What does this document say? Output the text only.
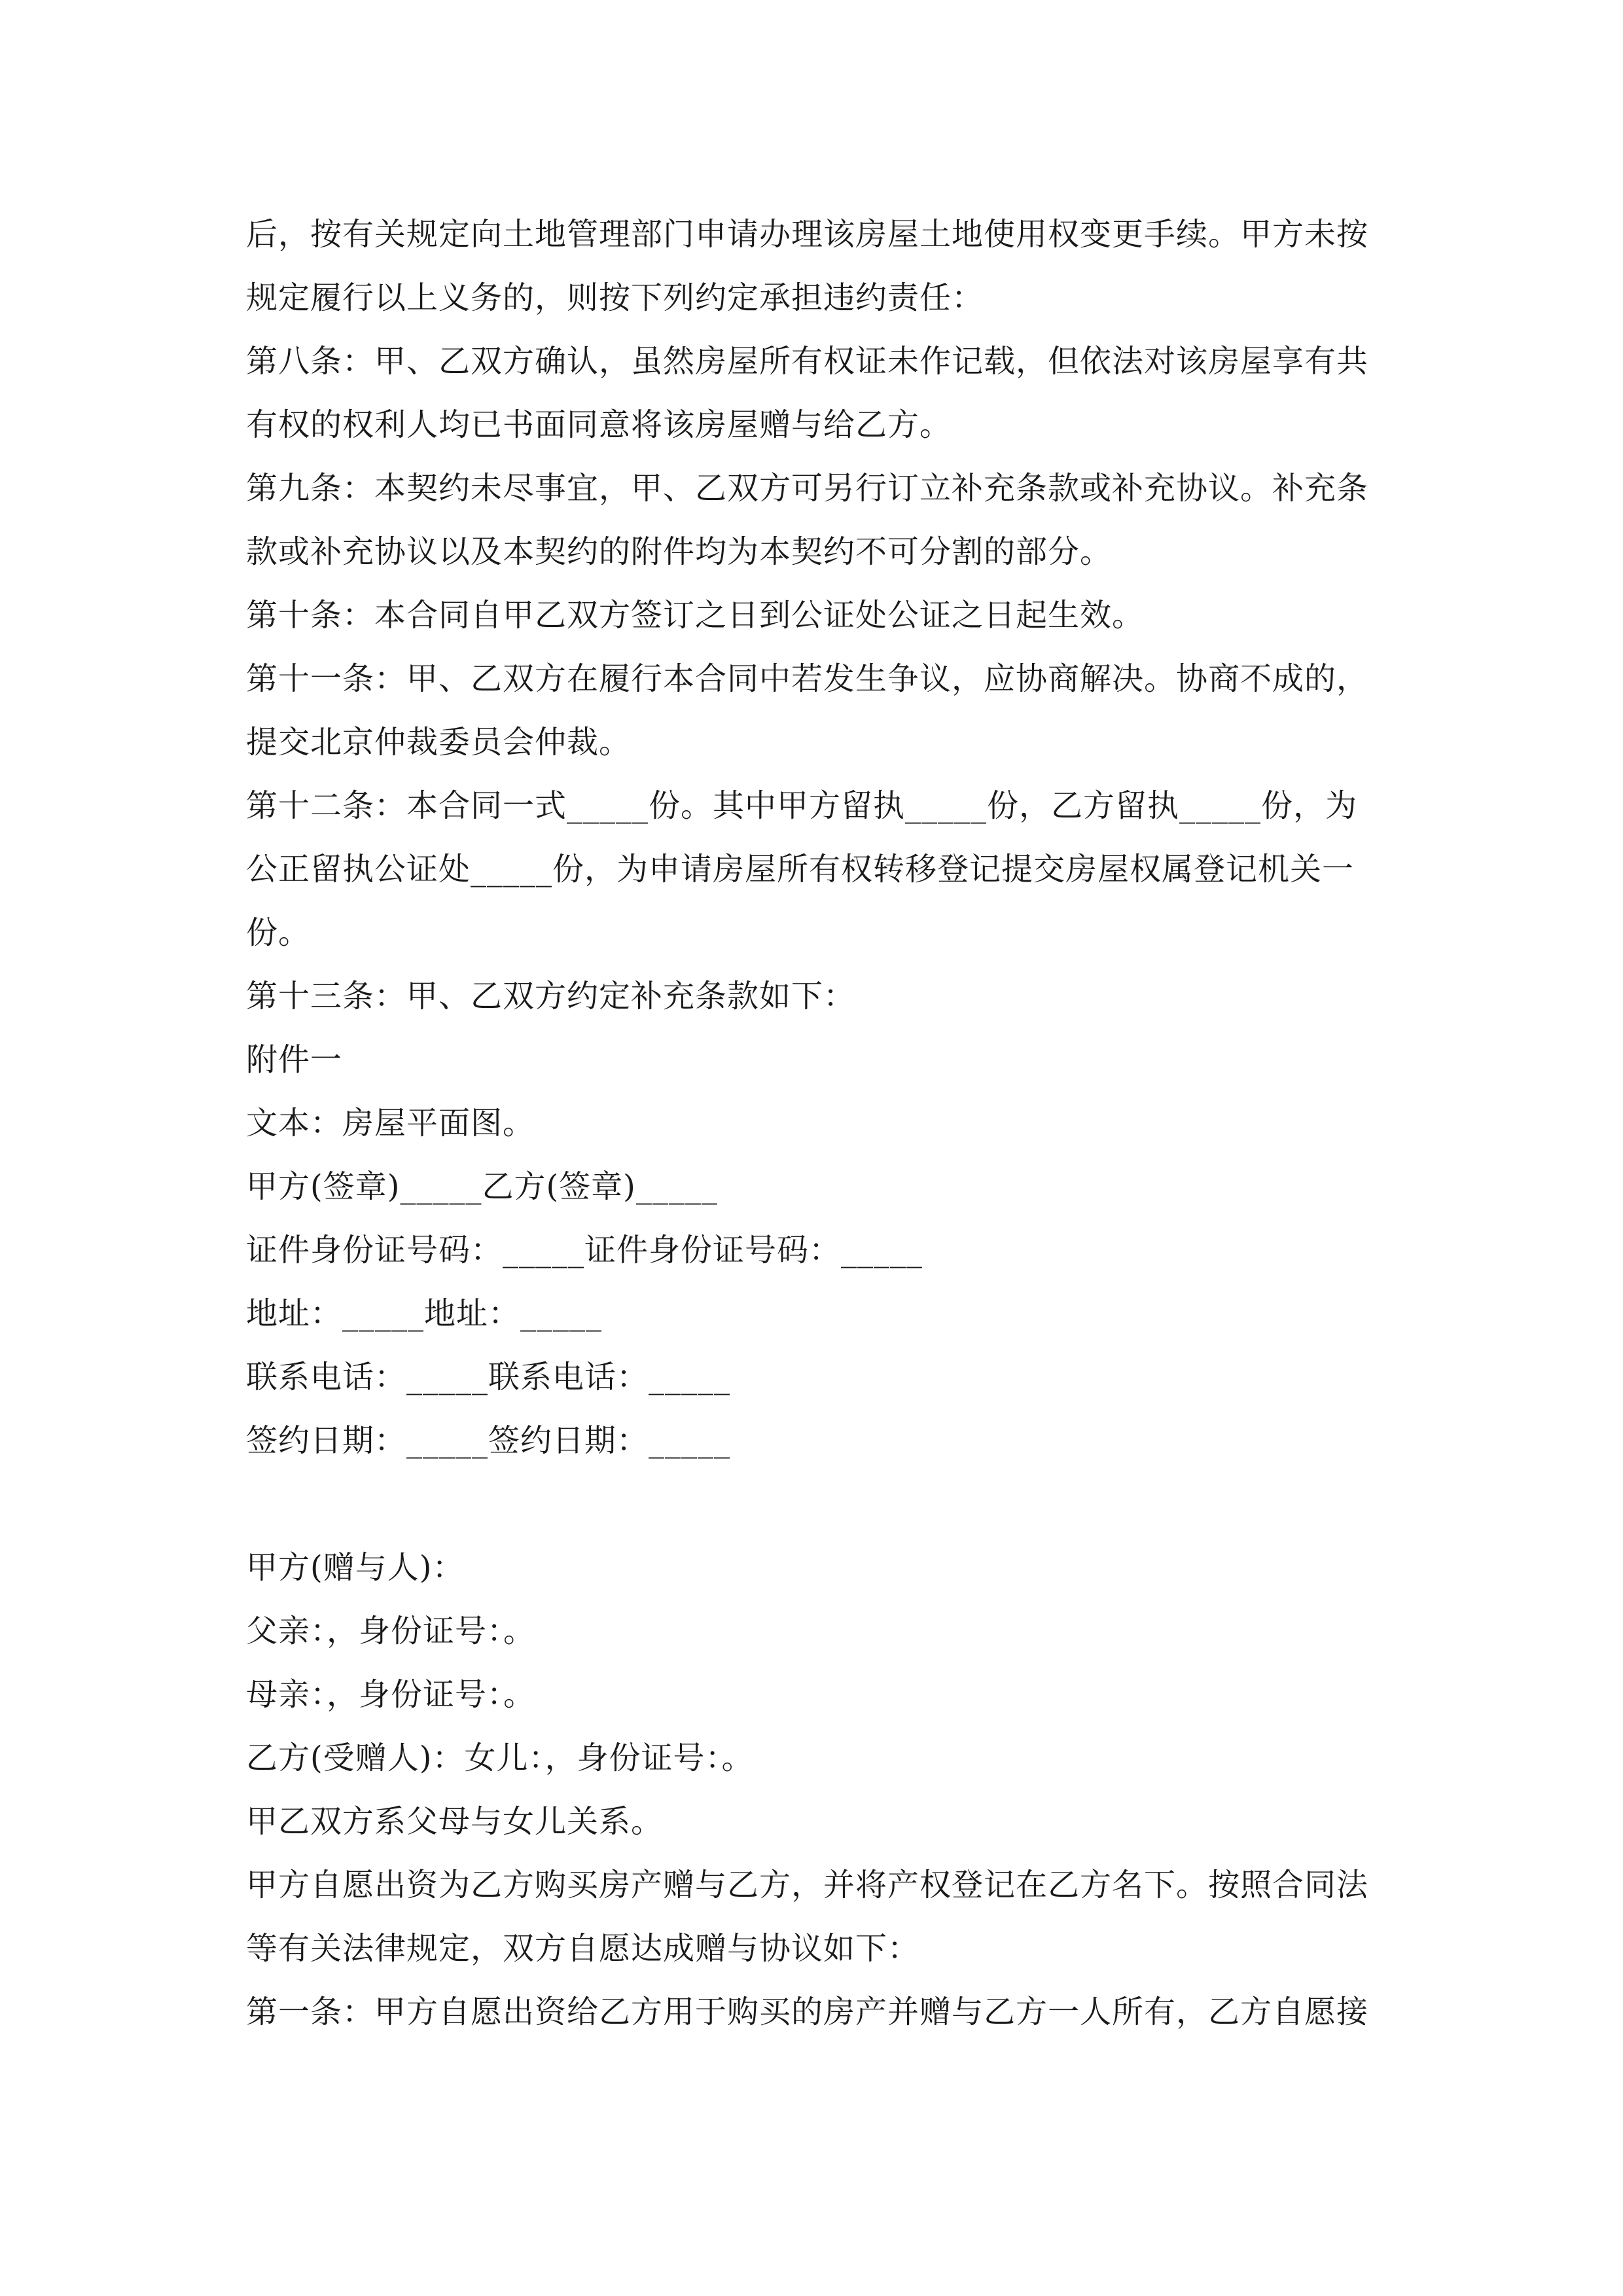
后，按有关规定向土地管理部门申请办理该房屋土地使用权变更手续。甲方未按
规定履行以上义务的，则按下列约定承担违约责任：
第八条：甲、乙双方确认，虽然房屋所有权证未作记载，但依法对该房屋享有共
有权的权利人均已书面同意将该房屋赠与给乙方。
第九条：本契约未尽事宜，甲、乙双方可另行订立补充条款或补充协议。补充条
款或补充协议以及本契约的附件均为本契约不可分割的部分。
第十条：本合同自甲乙双方签订之日到公证处公证之日起生效。
第十一条：甲、乙双方在履行本合同中若发生争议，应协商解决。协商不成的，
提交北京仲裁委员会仲裁。
第十二条：本合同一式_____份。其中甲方留执_____份，乙方留执_____份，为
公正留执公证处_____份，为申请房屋所有权转移登记提交房屋权属登记机关一
份。
第十三条：甲、乙双方约定补充条款如下：
附件一
文本：房屋平面图。
甲方(签章)_____乙方(签章)_____
证件身份证号码：_____证件身份证号码：_____
地址：_____地址：_____
联系电话：_____联系电话：_____
签约日期：_____签约日期：_____
甲方(赠与人)：
父亲：，身份证号：。
母亲：，身份证号：。
乙方(受赠人)：女儿：，身份证号：。
甲乙双方系父母与女儿关系。
甲方自愿出资为乙方购买房产赠与乙方，并将产权登记在乙方名下。按照合同法
等有关法律规定，双方自愿达成赠与协议如下：
第一条：甲方自愿出资给乙方用于购买的房产并赠与乙方一人所有，乙方自愿接
